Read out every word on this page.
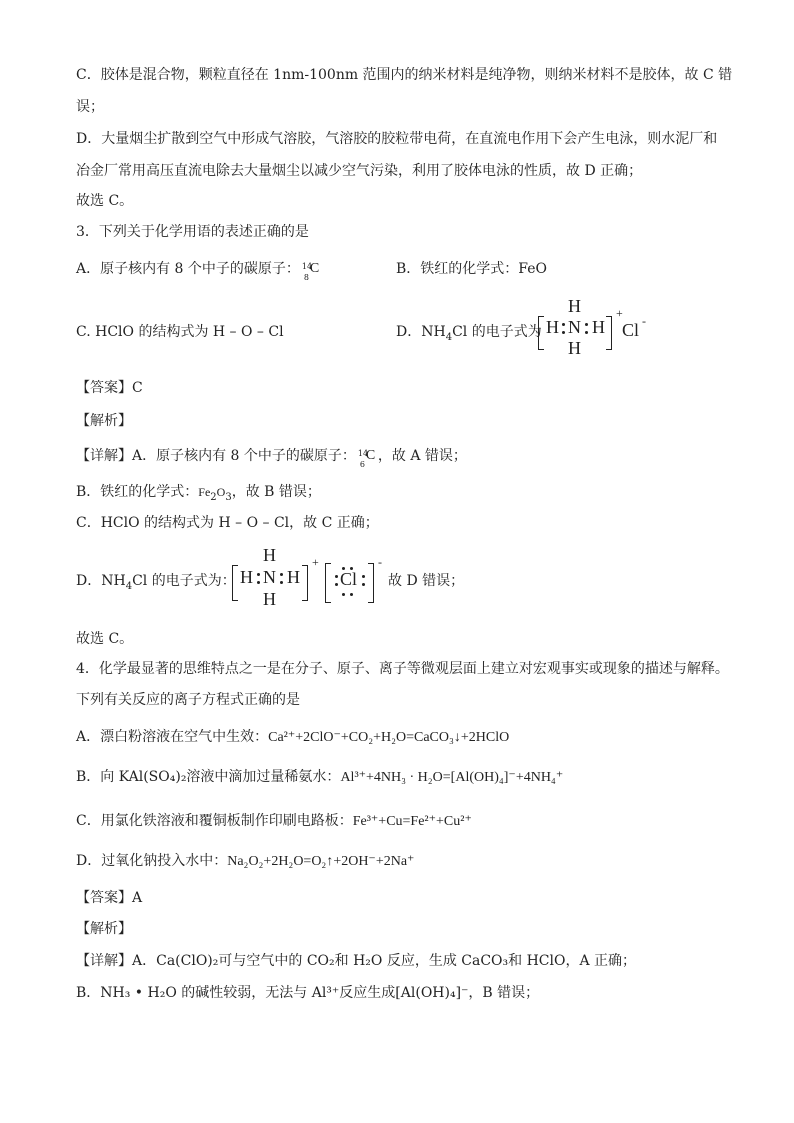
C．胶体是混合物，颗粒直径在 1nm-100nm 范围内的纳米材料是纯净物，则纳米材料不是胶体，故 C 错
误；
D．大量烟尘扩散到空气中形成气溶胶，气溶胶的胶粒带电荷，在直流电作用下会产生电泳，则水泥厂和
冶金厂常用高压直流电除去大量烟尘以减少空气污染，利用了胶体电泳的性质，故 D 正确；
故选 C。
3．下列关于化学用语的表述正确的是
A．原子核内有 8 个中子的碳原子： 14
8
C	B．铁红的化学式：FeO
C. HClO 的结构式为 H – O – Cl	D．$NH_4Cl$ 的电子式为
H
H N H
H
+
Cl -
【答案】C
【解析】
【详解】A．原子核内有 8 个中子的碳原子： 14
6
C ，故 A 错误；
B．铁红的化学式：$Fe_2O_3$，故 B 错误；
C．HClO 的结构式为 H – O – Cl，故 C 正确；
D．$NH_4Cl$ 的电子式为：
H
H N H
H
+
Cl
-
故 D 错误；
故选 C。
4．化学最显著的思维特点之一是在分子、原子、离子等微观层面上建立对宏观事实或现象的描述与解释。
下列有关反应的离子方程式正确的是
A．漂白粉溶液在空气中生效：Ca²⁺+2ClO⁻+CO₂+H₂O=CaCO₃↓+2HClO
B．向 KAl(SO₄)₂溶液中滴加过量稀氨水：Al³⁺+4NH₃ · H₂O=[Al(OH)₄]⁻+4NH₄⁺
C．用氯化铁溶液和覆铜板制作印刷电路板：Fe³⁺+Cu=Fe²⁺+Cu²⁺
D．过氧化钠投入水中：Na₂O₂+2H₂O=O₂↑+2OH⁻+2Na⁺
【答案】A
【解析】
【详解】A．Ca(ClO)₂可与空气中的 CO₂和 H₂O 反应，生成 CaCO₃和 HClO，A 正确；
B．NH₃ • H₂O 的碱性较弱，无法与 Al³⁺反应生成[Al(OH)₄]⁻，B 错误；
